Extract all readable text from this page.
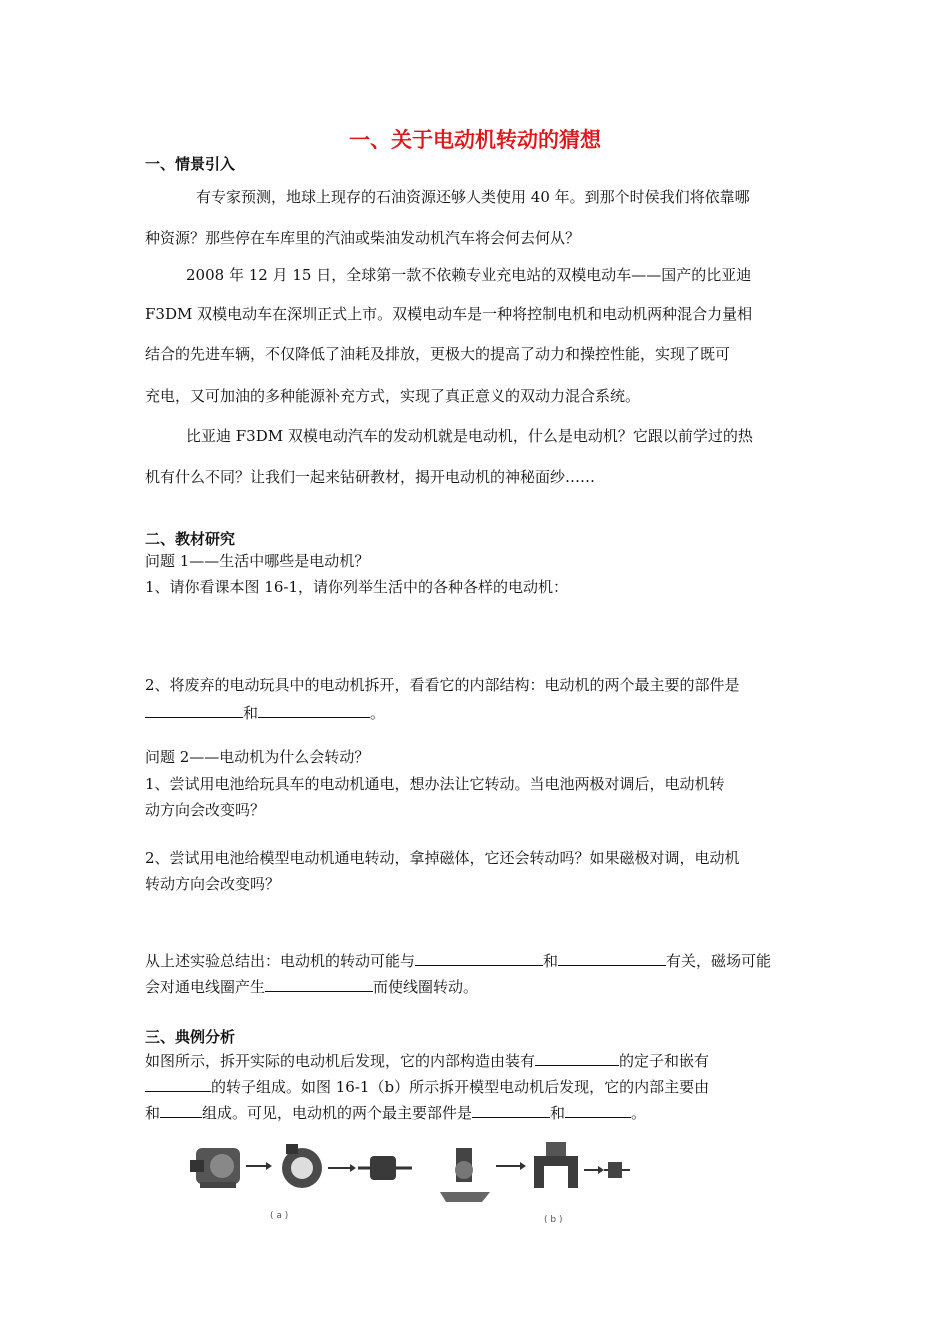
一、关于电动机转动的猜想
一、情景引入
有专家预测，地球上现存的石油资源还够人类使用 40 年。到那个时侯我们将依靠哪
种资源？那些停在车库里的汽油或柴油发动机汽车将会何去何从？
2008 年 12 月 15 日，全球第一款不依赖专业充电站的双模电动车——国产的比亚迪
F3DM 双模电动车在深圳正式上市。双模电动车是一种将控制电机和电动机两种混合力量相
结合的先进车辆，不仅降低了油耗及排放，更极大的提高了动力和操控性能，实现了既可
充电，又可加油的多种能源补充方式，实现了真正意义的双动力混合系统。
比亚迪 F3DM 双模电动汽车的发动机就是电动机，什么是电动机？它跟以前学过的热
机有什么不同？让我们一起来钻研教材，揭开电动机的神秘面纱……
二、教材研究
问题 1——生活中哪些是电动机？
1、请你看课本图 16-1，请你列举生活中的各种各样的电动机：
2、将废弃的电动玩具中的电动机拆开，看看它的内部结构：电动机的两个最主要的部件是
和	。
问题 2——电动机为什么会转动？
1、尝试用电池给玩具车的电动机通电，想办法让它转动。当电池两极对调后，电动机转
动方向会改变吗？
2、尝试用电池给模型电动机通电转动，拿掉磁体，它还会转动吗？如果磁极对调，电动机
转动方向会改变吗？
从上述实验总结出：电动机的转动可能与	和	有关，磁场可能
会对通电线圈产生	而使线圈转动。
三、典例分析
如图所示，拆开实际的电动机后发现，它的内部构造由装有	的定子和嵌有
的转子组成。如图 16-1（b）所示拆开模型电动机后发现，它的内部主要由
和	组成。可见，电动机的两个最主要部件是	和	。
( a )	( b )
